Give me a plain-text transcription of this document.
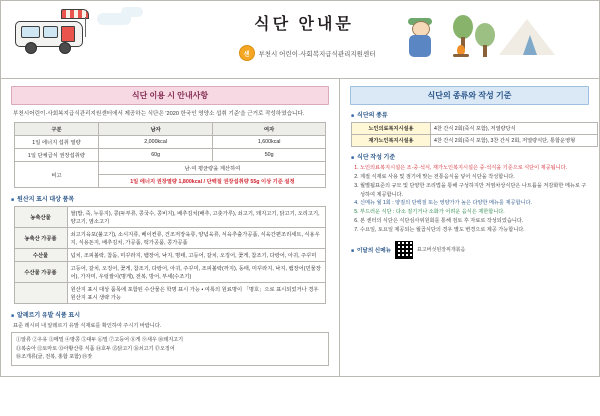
식단 안내문
센 부천시 어린이·사회복지급식관리지원센터
식단 이용 시 안내사항
부천시어린이·사회복지급식관리지원센터에서 제공하는 식단은 '2020 한국인 영양소 섭취 기준'을 근거로 작성하였습니다.
구분	남자	여자
1일 에너지 섭취 열량	2,000kcal	1,600kcal
1일 단체급식 권장섭취량	60g	50g
비고	남·여 평균량을 계산하여	
	1일 에너지 권장열량 1,800kcal / 단백질 권장섭취량 55g 이상 기준 설정	
■ 원산지 표시 대상 품목
농축산물	쌀(밥, 죽, 누룽지), 콩(두부류, 콩국수, 콩비지), 배추김치(배추, 고춧가루), 쇠고기, 돼지고기, 닭고기, 오리고기, 양고기, 염소고기
농축산 가공품	쇠고기육포(불고기), 소시지류, 베이컨류, 건조저장육류, 양념육류, 식육추출가공품, 식육간편조리세트, 식용우지, 식용돈지, 배추김치, 가공품, 떡가공품, 콩가공품
수산물	넙치, 조피볼락, 참돔, 미꾸라지, 뱀장어, 낙지, 명태, 고등어, 갈치, 오징어, 꽃게, 참조기, 다랑어, 아귀, 주꾸미
수산물 가공품	고등어, 갈치, 오징어, 꽃게, 참조기, 다랑어, 아귀, 주꾸미, 조피볼락(까지), 동태, 미꾸라지, 낙지, 뱀장어(민물장어), 가자미, 우렁쌀이(명게), 전복, 방어, 부세(수조기)
	원산지 표시 대상 품목에 포함된 수산물은 학명 표시 가능 • 여록의 원료명이 「명호」으로 표시되었거나 경우 원산지 표시 생략 가능
■ 알레르기 유발 식품 표시
표준 레시피 내 알레르기 유발 식재료를 확인하여 주시기 바랍니다.
①알류 ②우유 ③메밀 ④땅콩 ⑤대두 ⑥밀 ⑦고등어 ⑧게 ⑨새우 ⑩돼지고기
⑪복숭아 ⑫토마토 ⑬아황산류 식품 ⑭호두 ⑮닭고기 ⑯쇠고기 ⑰오징어
⑱조개류(굴, 전복, 홍합 포함) ⑲잣
식단의 종류와 작성 기준
■ 식단의 종류
노인의료복지시설용	4찬 간식 2회(죽식 포함), 저열량당식
재가노인복지시설용	4찬 간식 2회(죽식 포함), 3찬 간식 2회, 저열량식단, 통합운영형
■ 식단 작성 기준
1. 노인의료복지시설은 조·중·석식, 재가노인복지시설은 중·석식을 기준으로 식단이 제공됩니다.
2. 계절 식재료 사용 및 점기에 맞는 전통음식을 넣어 식단을 작성합니다.
3. 월별됩표준의 규모 및 단양한 조리법을 통해 구성하지만 저염차상식단은 나트륨을 저감화한 메뉴로 구성하여 제공합니다.
4. 신메뉴 월 1회 : 양질의 단백질 또는 영양가가 높은 다양한 메뉴를 제공합니다.
5. 부드러운 식단 : 다소 질기거나 소화가 어려운 음식은 제한합니다.
6. 본 센터의 식단은 식단심사위원회를 통해 검토 후 자료로 작성되었습니다.
7. 수요일, 토요일 제공되는 월곱식단의 경우 별도 변경으로 제공 가능합니다.
■ 이달의 신메뉴	표고버섯된장찌개볶음
